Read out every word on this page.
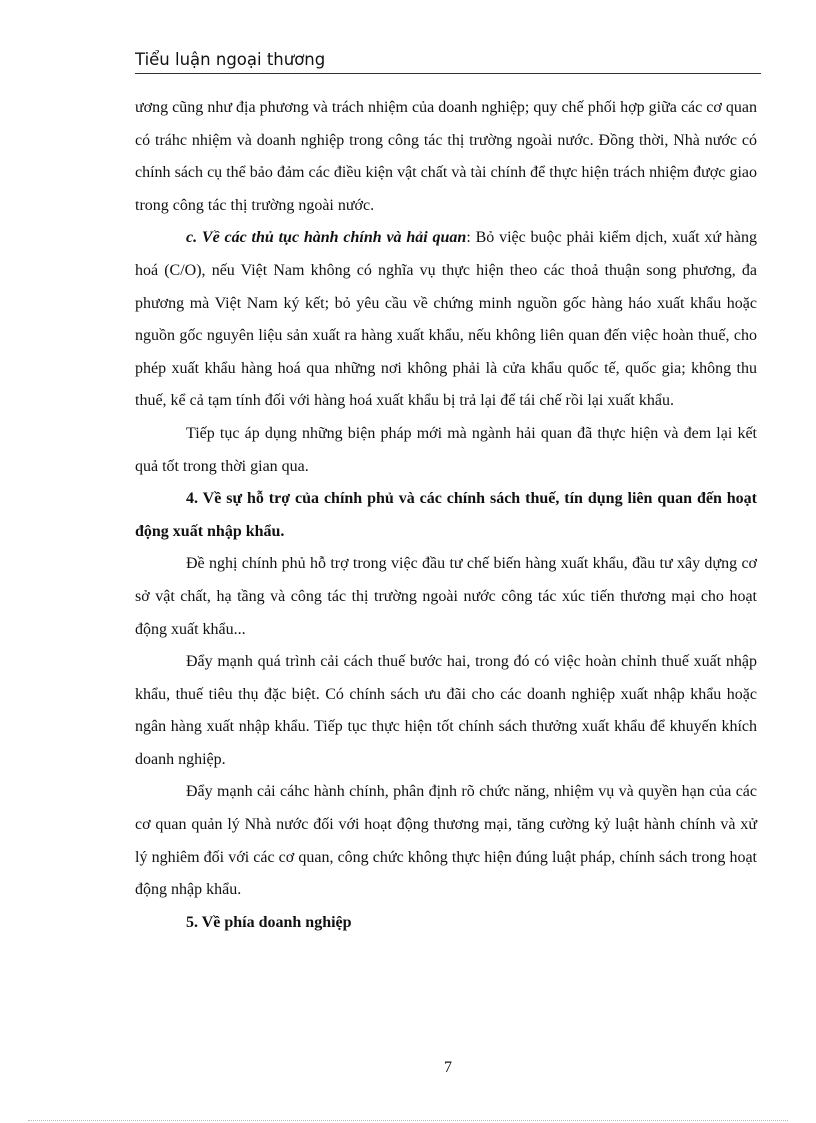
Tiểu luận ngoại thương

ương cũng như địa phương và trách nhiệm của doanh nghiệp; quy chế phối hợp giữa các cơ quan có tráhc nhiệm và doanh nghiệp trong công tác thị trường ngoài nước. Đồng thời, Nhà nước có chính sách cụ thể bảo đảm các điều kiện vật chất và tài chính để thực hiện trách nhiệm được giao trong công tác thị trường ngoài nước.

c. Về các thủ tục hành chính và hải quan: Bỏ việc buộc phải kiểm dịch, xuất xứ hàng hoá (C/O), nếu Việt Nam không có nghĩa vụ thực hiện theo các thoả thuận song phương, đa phương mà Việt Nam ký kết; bỏ yêu cầu về chứng minh nguồn gốc hàng háo xuất khẩu hoặc nguồn gốc nguyên liệu sản xuất ra hàng xuất khẩu, nếu không liên quan đến việc hoàn thuế, cho phép xuất khẩu hàng hoá qua những nơi không phải là cửa khẩu quốc tế, quốc gia; không thu thuế, kể cả tạm tính đối với hàng hoá xuất khẩu bị trả lại để tái chế rồi lại xuất khẩu.

Tiếp tục áp dụng những biện pháp mới mà ngành hải quan đã thực hiện và đem lại kết quả tốt trong thời gian qua.

4. Về sự hỗ trợ của chính phủ và các chính sách thuế, tín dụng liên quan đến hoạt động xuất nhập khẩu.

Đề nghị chính phủ hỗ trợ trong việc đầu tư chế biến hàng xuất khẩu, đầu tư xây dựng cơ sở vật chất, hạ tầng và công tác thị trường ngoài nước công tác xúc tiến thương mại cho hoạt động xuất khẩu...

Đẩy mạnh quá trình cải cách thuế bước hai, trong đó có việc hoàn chỉnh thuế xuất nhập khẩu, thuế tiêu thụ đặc biệt. Có chính sách ưu đãi cho các doanh nghiệp xuất nhập khẩu hoặc ngân hàng xuất nhập khẩu. Tiếp tục thực hiện tốt chính sách thưởng xuất khẩu để khuyến khích doanh nghiệp.

Đẩy mạnh cải cáhc hành chính, phân định rõ chức năng, nhiệm vụ và quyền hạn của các cơ quan quản lý Nhà nước đối với hoạt động thương mại, tăng cường kỷ luật hành chính và xử lý nghiêm đối với các cơ quan, công chức không thực hiện đúng luật pháp, chính sách trong hoạt động nhập khẩu.

5. Về phía doanh nghiệp

7
